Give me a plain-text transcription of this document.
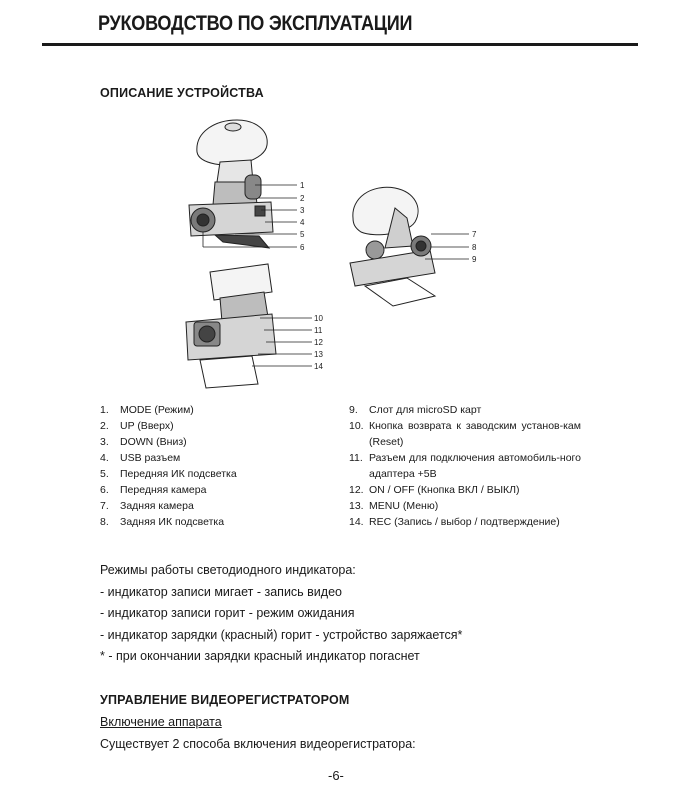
РУКОВОДСТВО ПО ЭКСПЛУАТАЦИИ
ОПИСАНИЕ УСТРОЙСТВА
1
2
3
4
5
6
7
8
9
10
11
12
13
14
1.	MODE (Режим)
2.	UP (Вверх)
3.	DOWN (Вниз)
4.	USB разъем
5.	Передняя ИК подсветка
6.	Передняя камера
7.	Задняя камера
8.	Задняя ИК подсветка
9.	Слот для microSD карт
10. Кнопка возврата к заводским установ-кам (Reset)
11. Разъем для подключения автомобиль-ного адаптера +5В
12. ON / OFF (Кнопка ВКЛ / ВЫКЛ)
13. MENU (Меню)
14. REC (Запись / выбор / подтверждение)
Режимы работы светодиодного индикатора:
- индикатор записи мигает - запись видео
- индикатор записи горит - режим ожидания
- индикатор зарядки (красный) горит - устройство заряжается*
* - при окончании зарядки красный индикатор погаснет
УПРАВЛЕНИЕ ВИДЕОРЕГИСТРАТОРОМ
Включение аппарата
Существует 2 способа включения видеорегистратора:
-6-
